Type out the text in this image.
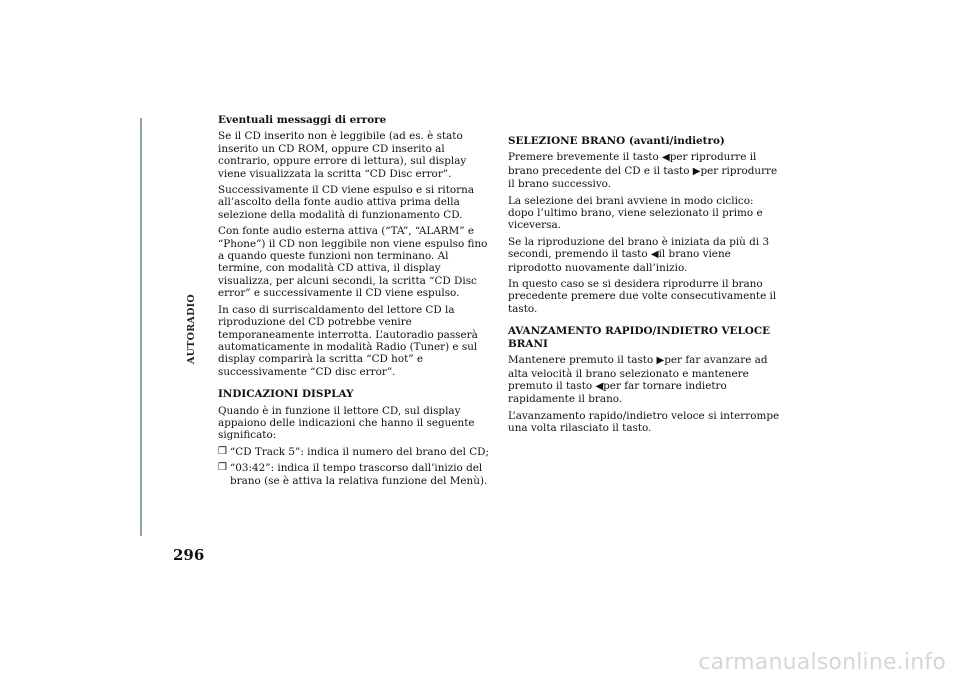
AUTORADIO

Eventuali messaggi di errore

Se il CD inserito non è leggibile (ad es. è stato inserito un CD ROM, oppure CD inserito al contrario, oppure errore di lettura), sul display viene visualizzata la scritta “CD Disc error”.

Successivamente il CD viene espulso e si ritorna all’ascolto della fonte audio attiva prima della selezione della modalità di funzionamento CD.

Con fonte audio esterna attiva (“TA”, “ALARM” e “Phone”) il CD non leggibile non viene espulso fino a quando queste funzioni non terminano. Al termine, con modalità CD attiva, il display visualizza, per alcuni secondi, la scritta “CD Disc error” e successivamente il CD viene espulso.

In caso di surriscaldamento del lettore CD la riproduzione del CD potrebbe venire temporaneamente interrotta. L’autoradio passerà automaticamente in modalità Radio (Tuner) e sul display comparirà la scritta “CD hot” e successivamente “CD disc error”.

INDICAZIONI DISPLAY

Quando è in funzione il lettore CD, sul display appaiono delle indicazioni che hanno il seguente significato:

❒ “CD Track 5”: indica il numero del brano del CD;
❒ “03:42”: indica il tempo trascorso dall’inizio del brano (se è attiva la relativa funzione del Menù).

SELEZIONE BRANO (avanti/indietro)

Premere brevemente il tasto ◀per riprodurre il brano precedente del CD e il tasto ▶per riprodurre il brano successivo.

La selezione dei brani avviene in modo ciclico: dopo l’ultimo brano, viene selezionato il primo e viceversa.

Se la riproduzione del brano è iniziata da più di 3 secondi, premendo il tasto ◀il brano viene riprodotto nuovamente dall’inizio.

In questo caso se si desidera riprodurre il brano precedente premere due volte consecutivamente il tasto.

AVANZAMENTO RAPIDO/INDIETRO VELOCE BRANI

Mantenere premuto il tasto ▶per far avanzare ad alta velocità il brano selezionato e mantenere premuto il tasto ◀per far tornare indietro rapidamente il brano.

L’avanzamento rapido/indietro veloce si interrompe una volta rilasciato il tasto.

296
carmanualsonline.info
